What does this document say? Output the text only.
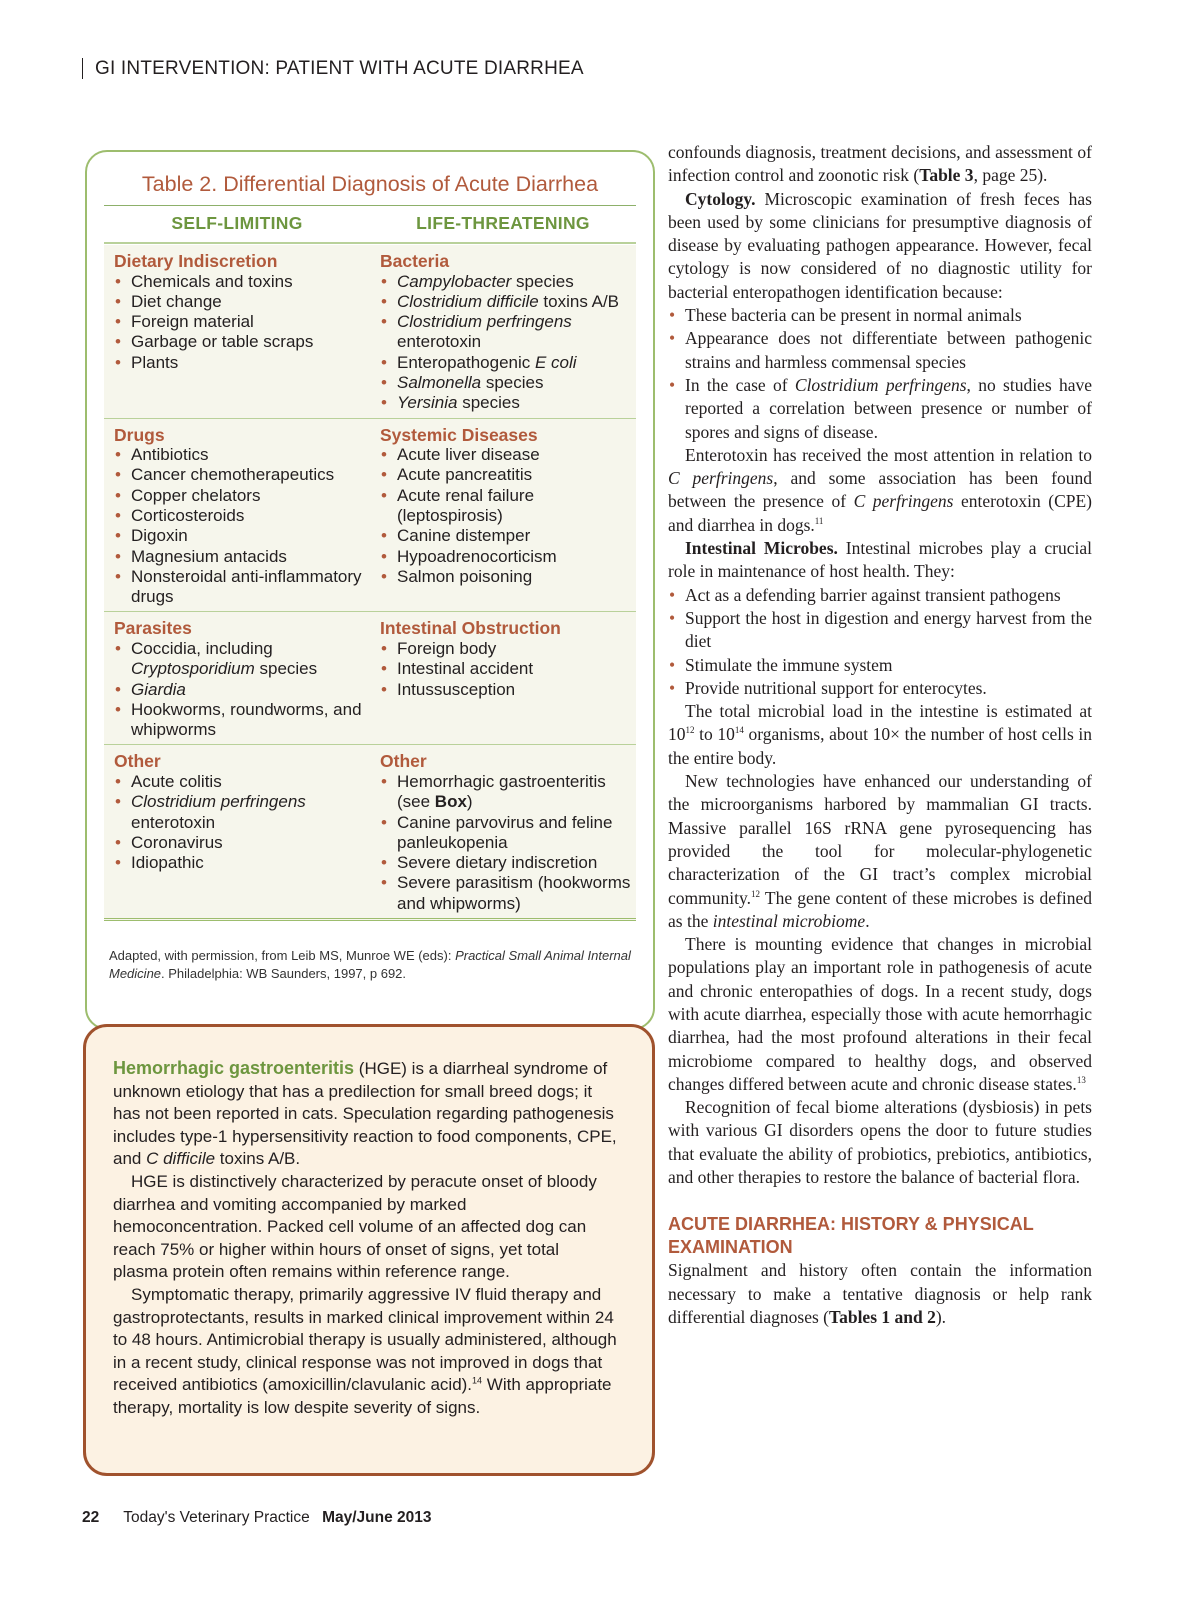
GI INTERVENTION: PATIENT WITH ACUTE DIARRHEA
Table 2. Differential Diagnosis of Acute Diarrhea
SELF-LIMITING	LIFE-THREATENING
Dietary Indiscretion
• Chemicals and toxins
• Diet change
• Foreign material
• Garbage or table scraps
• Plants
Bacteria
• Campylobacter species
• Clostridium difficile toxins A/B
• Clostridium perfringens enterotoxin
• Enteropathogenic E coli
• Salmonella species
• Yersinia species
Drugs
• Antibiotics
• Cancer chemotherapeutics
• Copper chelators
• Corticosteroids
• Digoxin
• Magnesium antacids
• Nonsteroidal anti-inflammatory drugs
Systemic Diseases
• Acute liver disease
• Acute pancreatitis
• Acute renal failure (leptospirosis)
• Canine distemper
• Hypoadrenocorticism
• Salmon poisoning
Parasites
• Coccidia, including Cryptosporidium species
• Giardia
• Hookworms, roundworms, and whipworms
Intestinal Obstruction
• Foreign body
• Intestinal accident
• Intussusception
Other
• Acute colitis
• Clostridium perfringens enterotoxin
• Coronavirus
• Idiopathic
Other
• Hemorrhagic gastroenteritis (see Box)
• Canine parvovirus and feline panleukopenia
• Severe dietary indiscretion
• Severe parasitism (hookworms and whipworms)
Adapted, with permission, from Leib MS, Munroe WE (eds): Practical Small Animal Internal Medicine. Philadelphia: WB Saunders, 1997, p 692.

Hemorrhagic gastroenteritis (HGE) is a diarrheal syndrome of unknown etiology that has a predilection for small breed dogs; it has not been reported in cats. Speculation regarding pathogenesis includes type-1 hypersensitivity reaction to food components, CPE, and C difficile toxins A/B.

HGE is distinctively characterized by peracute onset of bloody diarrhea and vomiting accompanied by marked hemoconcentration. Packed cell volume of an affected dog can reach 75% or higher within hours of onset of signs, yet total plasma protein often remains within reference range.

Symptomatic therapy, primarily aggressive IV fluid therapy and gastroprotectants, results in marked clinical improvement within 24 to 48 hours. Antimicrobial therapy is usually administered, although in a recent study, clinical response was not improved in dogs that received antibiotics (amoxicillin/clavulanic acid).$^{14}$ With appropriate therapy, mortality is low despite severity of signs.

confounds diagnosis, treatment decisions, and assessment of infection control and zoonotic risk (Table 3, page 25).

Cytology. Microscopic examination of fresh feces has been used by some clinicians for presumptive diagnosis of disease by evaluating pathogen appearance. However, fecal cytology is now considered of no diagnostic utility for bacterial enteropathogen identification because:

• These bacteria can be present in normal animals
• Appearance does not differentiate between pathogenic strains and harmless commensal species
• In the case of Clostridium perfringens, no studies have reported a correlation between presence or number of spores and signs of disease.

Enterotoxin has received the most attention in relation to C perfringens, and some association has been found between the presence of C perfringens enterotoxin (CPE) and diarrhea in dogs.$^{11}$

Intestinal Microbes. Intestinal microbes play a crucial role in maintenance of host health. They:

• Act as a defending barrier against transient pathogens
• Support the host in digestion and energy harvest from the diet
• Stimulate the immune system
• Provide nutritional support for enterocytes.

The total microbial load in the intestine is estimated at $10^{12}$ to $10^{14}$ organisms, about 10× the number of host cells in the entire body.

New technologies have enhanced our understanding of the microorganisms harbored by mammalian GI tracts. Massive parallel 16S rRNA gene pyrosequencing has provided the tool for molecular-phylogenetic characterization of the GI tract’s complex microbial community.$^{12}$ The gene content of these microbes is defined as the intestinal microbiome.

There is mounting evidence that changes in microbial populations play an important role in pathogenesis of acute and chronic enteropathies of dogs. In a recent study, dogs with acute diarrhea, especially those with acute hemorrhagic diarrhea, had the most profound alterations in their fecal microbiome compared to healthy dogs, and observed changes differed between acute and chronic disease states.$^{13}$

Recognition of fecal biome alterations (dysbiosis) in pets with various GI disorders opens the door to future studies that evaluate the ability of probiotics, prebiotics, antibiotics, and other therapies to restore the balance of bacterial flora.

ACUTE DIARRHEA: HISTORY & PHYSICAL EXAMINATION

Signalment and history often contain the information necessary to make a tentative diagnosis or help rank differential diagnoses (Tables 1 and 2).

22 Today's Veterinary Practice May/June 2013
